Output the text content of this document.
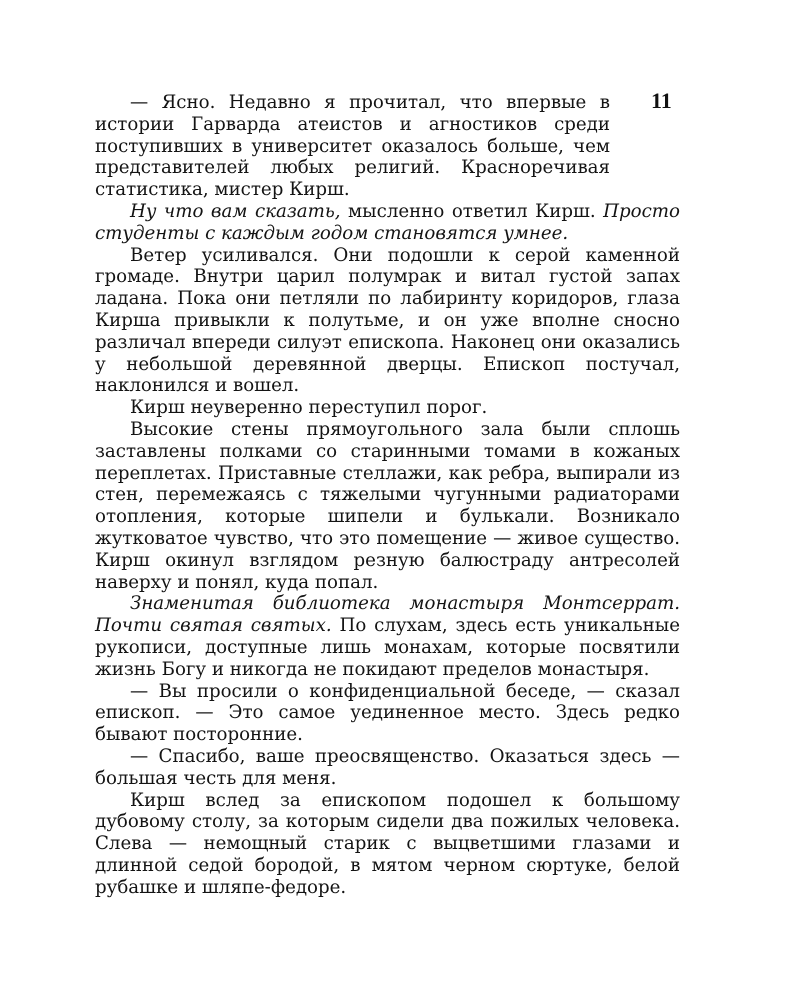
11

— Ясно. Недавно я прочитал, что впервые в истории Гарварда атеистов и агностиков среди поступивших в университет оказалось больше, чем представителей любых религий. Красноречивая статистика, мистер Кирш.

Ну что вам сказать, мысленно ответил Кирш. Просто студенты с каждым годом становятся умнее.

Ветер усиливался. Они подошли к серой каменной громаде. Внутри царил полумрак и витал густой запах ладана. Пока они петляли по лабиринту коридоров, глаза Кирша привыкли к полутьме, и он уже вполне сносно различал впереди силуэт епископа. Наконец они оказались у небольшой деревянной дверцы. Епископ постучал, наклонился и вошел.

Кирш неуверенно переступил порог.

Высокие стены прямоугольного зала были сплошь заставлены полками со старинными томами в кожаных переплетах. Приставные стеллажи, как ребра, выпирали из стен, перемежаясь с тяжелыми чугунными радиаторами отопления, которые шипели и булькали. Возникало жутковатое чувство, что это помещение — живое существо. Кирш окинул взглядом резную балюстраду антресолей наверху и понял, куда попал.

Знаменитая библиотека монастыря Монтсеррат. Почти святая святых. По слухам, здесь есть уникальные рукописи, доступные лишь монахам, которые посвятили жизнь Богу и никогда не покидают пределов монастыря.

— Вы просили о конфиденциальной беседе, — сказал епископ. — Это самое уединенное место. Здесь редко бывают посторонние.

— Спасибо, ваше преосвященство. Оказаться здесь — большая честь для меня.

Кирш вслед за епископом подошел к большому дубовому столу, за которым сидели два пожилых человека. Слева — немощный старик с выцветшими глазами и длинной седой бородой, в мятом черном сюртуке, белой рубашке и шляпе-федоре.
